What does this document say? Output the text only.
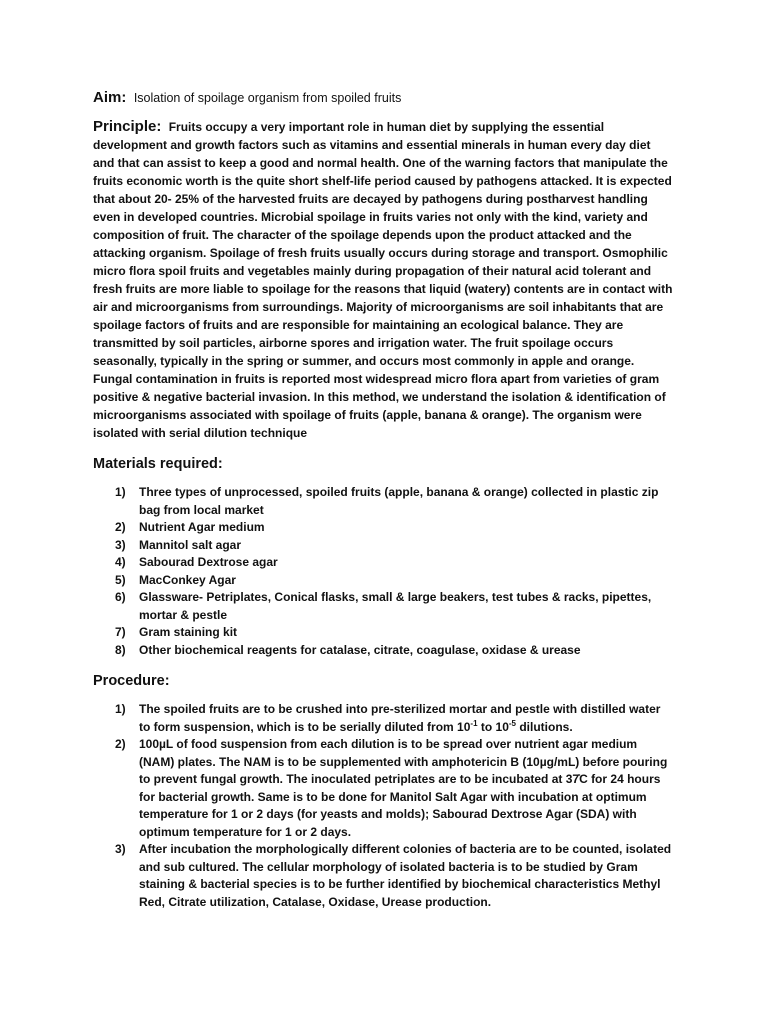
Aim: Isolation of spoilage organism from spoiled fruits

Principle: Fruits occupy a very important role in human diet by supplying the essential development and growth factors such as vitamins and essential minerals in human every day diet and that can assist to keep a good and normal health. One of the warning factors that manipulate the fruits economic worth is the quite short shelf-life period caused by pathogens attacked. It is expected that about 20- 25% of the harvested fruits are decayed by pathogens during postharvest handling even in developed countries. Microbial spoilage in fruits varies not only with the kind, variety and composition of fruit. The character of the spoilage depends upon the product attacked and the attacking organism. Spoilage of fresh fruits usually occurs during storage and transport. Osmophilic micro flora spoil fruits and vegetables mainly during propagation of their natural acid tolerant and fresh fruits are more liable to spoilage for the reasons that liquid (watery) contents are in contact with air and microorganisms from surroundings. Majority of microorganisms are soil inhabitants that are spoilage factors of fruits and are responsible for maintaining an ecological balance. They are transmitted by soil particles, airborne spores and irrigation water. The fruit spoilage occurs seasonally, typically in the spring or summer, and occurs most commonly in apple and orange. Fungal contamination in fruits is reported most widespread micro flora apart from varieties of gram positive & negative bacterial invasion. In this method, we understand the isolation & identification of microorganisms associated with spoilage of fruits (apple, banana & orange). The organism were isolated with serial dilution technique

Materials required:
1) Three types of unprocessed, spoiled fruits (apple, banana & orange) collected in plastic zip bag from local market
2) Nutrient Agar medium
3) Mannitol salt agar
4) Sabourad Dextrose agar
5) MacConkey Agar
6) Glassware- Petriplates, Conical flasks, small & large beakers, test tubes & racks, pipettes, mortar & pestle
7) Gram staining kit
8) Other biochemical reagents for catalase, citrate, coagulase, oxidase & urease
Procedure:
1) The spoiled fruits are to be crushed into pre-sterilized mortar and pestle with distilled water to form suspension, which is to be serially diluted from $10^{-1}$ to $10^{-5}$ dilutions.
2) 100µL of food suspension from each dilution is to be spread over nutrient agar medium (NAM) plates. The NAM is to be supplemented with amphotericin B (10µg/mL) before pouring to prevent fungal growth. The inoculated petriplates are to be incubated at 37̊C for 24 hours for bacterial growth. Same is to be done for Manitol Salt Agar with incubation at optimum temperature for 1 or 2 days (for yeasts and molds); Sabourad Dextrose Agar (SDA) with optimum temperature for 1 or 2 days.
3) After incubation the morphologically different colonies of bacteria are to be counted, isolated and sub cultured. The cellular morphology of isolated bacteria is to be studied by Gram staining & bacterial species is to be further identified by biochemical characteristics Methyl Red, Citrate utilization, Catalase, Oxidase, Urease production.
